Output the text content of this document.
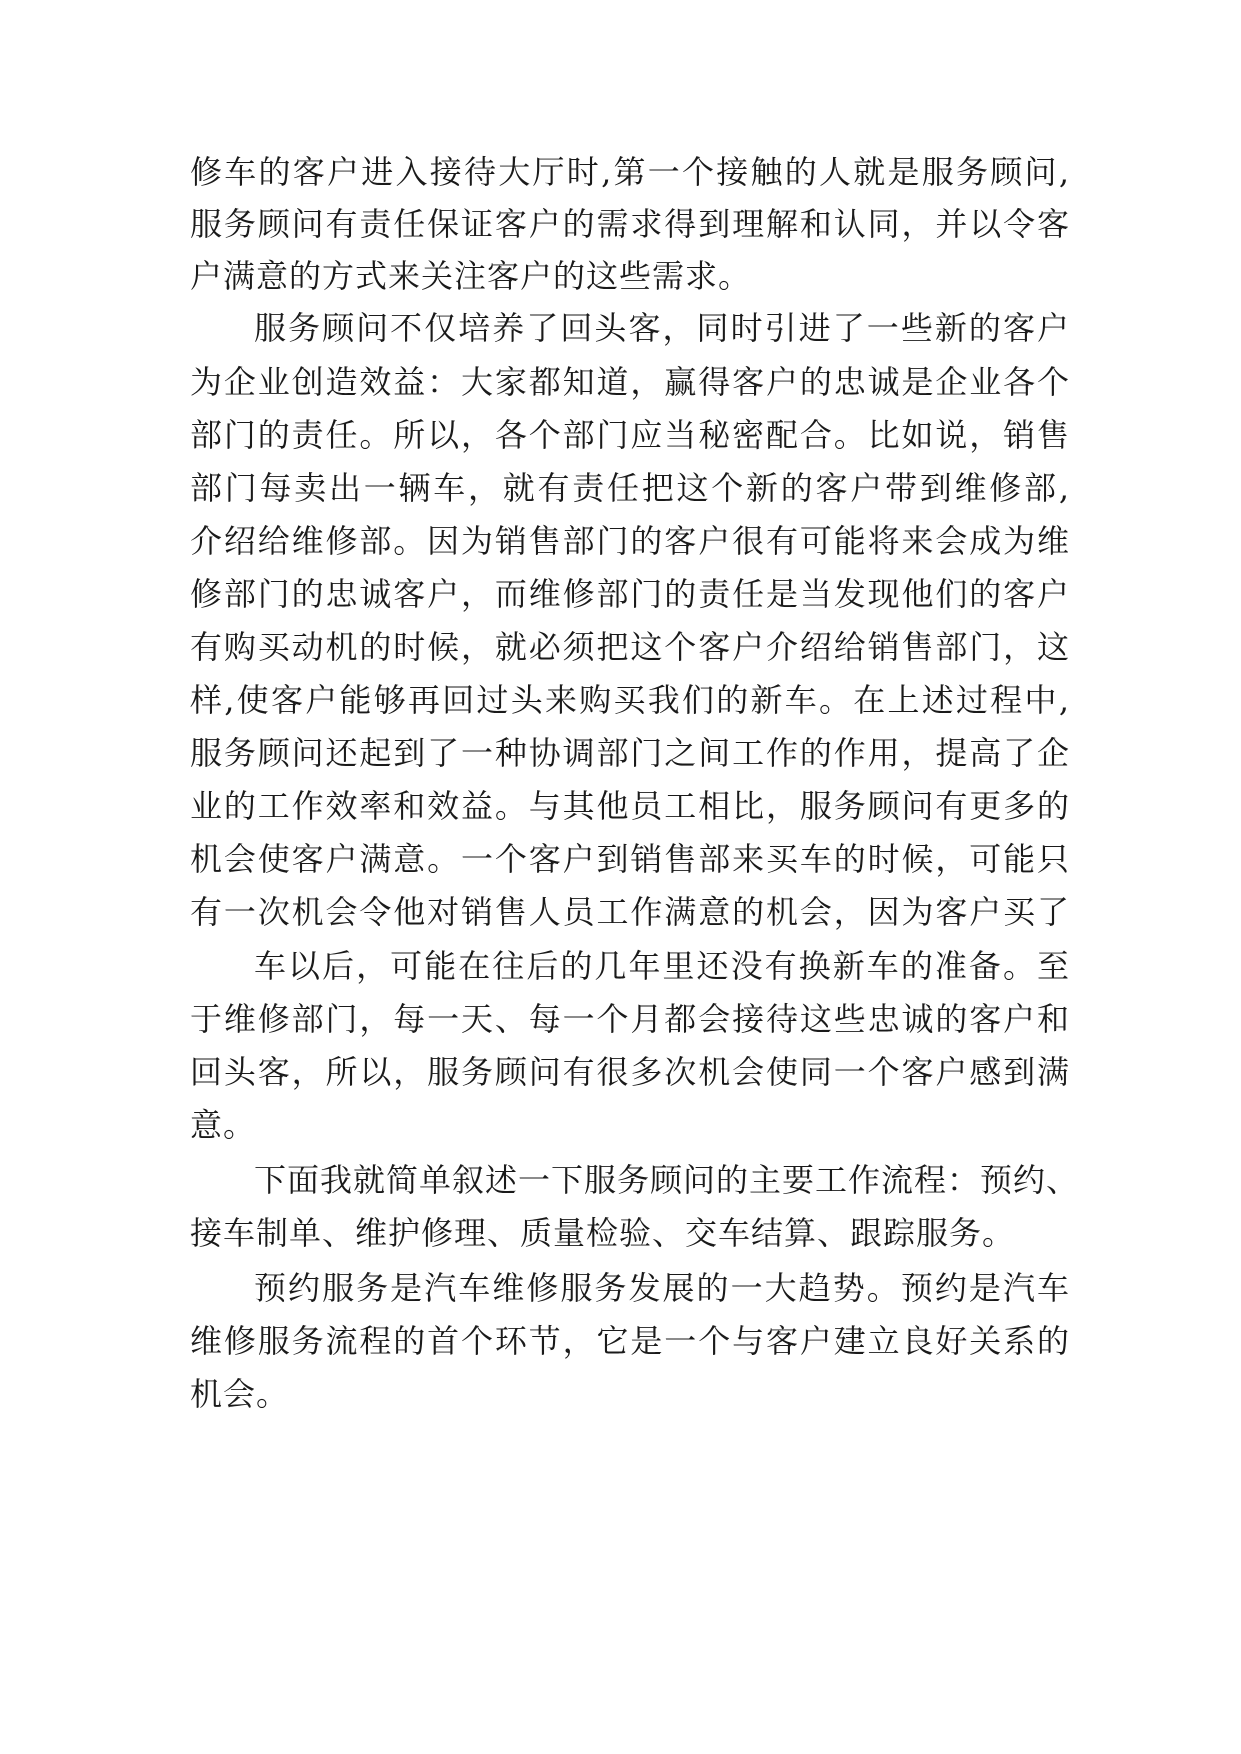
修车的客户进入接待大厅时,第一个接触的人就是服务顾问,
服务顾问有责任保证客户的需求得到理解和认同，并以令客
户满意的方式来关注客户的这些需求。
服务顾问不仅培养了回头客，同时引进了一些新的客户
为企业创造效益：大家都知道，赢得客户的忠诚是企业各个
部门的责任。所以，各个部门应当秘密配合。比如说，销售
部门每卖出一辆车，就有责任把这个新的客户带到维修部,
介绍给维修部。因为销售部门的客户很有可能将来会成为维
修部门的忠诚客户，而维修部门的责任是当发现他们的客户
有购买动机的时候，就必须把这个客户介绍给销售部门，这
样,使客户能够再回过头来购买我们的新车。在上述过程中,
服务顾问还起到了一种协调部门之间工作的作用，提高了企
业的工作效率和效益。与其他员工相比，服务顾问有更多的
机会使客户满意。一个客户到销售部来买车的时候，可能只
有一次机会令他对销售人员工作满意的机会，因为客户买了
车以后，可能在往后的几年里还没有换新车的准备。至
于维修部门，每一天、每一个月都会接待这些忠诚的客户和
回头客，所以，服务顾问有很多次机会使同一个客户感到满
意。
下面我就简单叙述一下服务顾问的主要工作流程：预约、
接车制单、维护修理、质量检验、交车结算、跟踪服务。
预约服务是汽车维修服务发展的一大趋势。预约是汽车
维修服务流程的首个环节，它是一个与客户建立良好关系的
机会。
